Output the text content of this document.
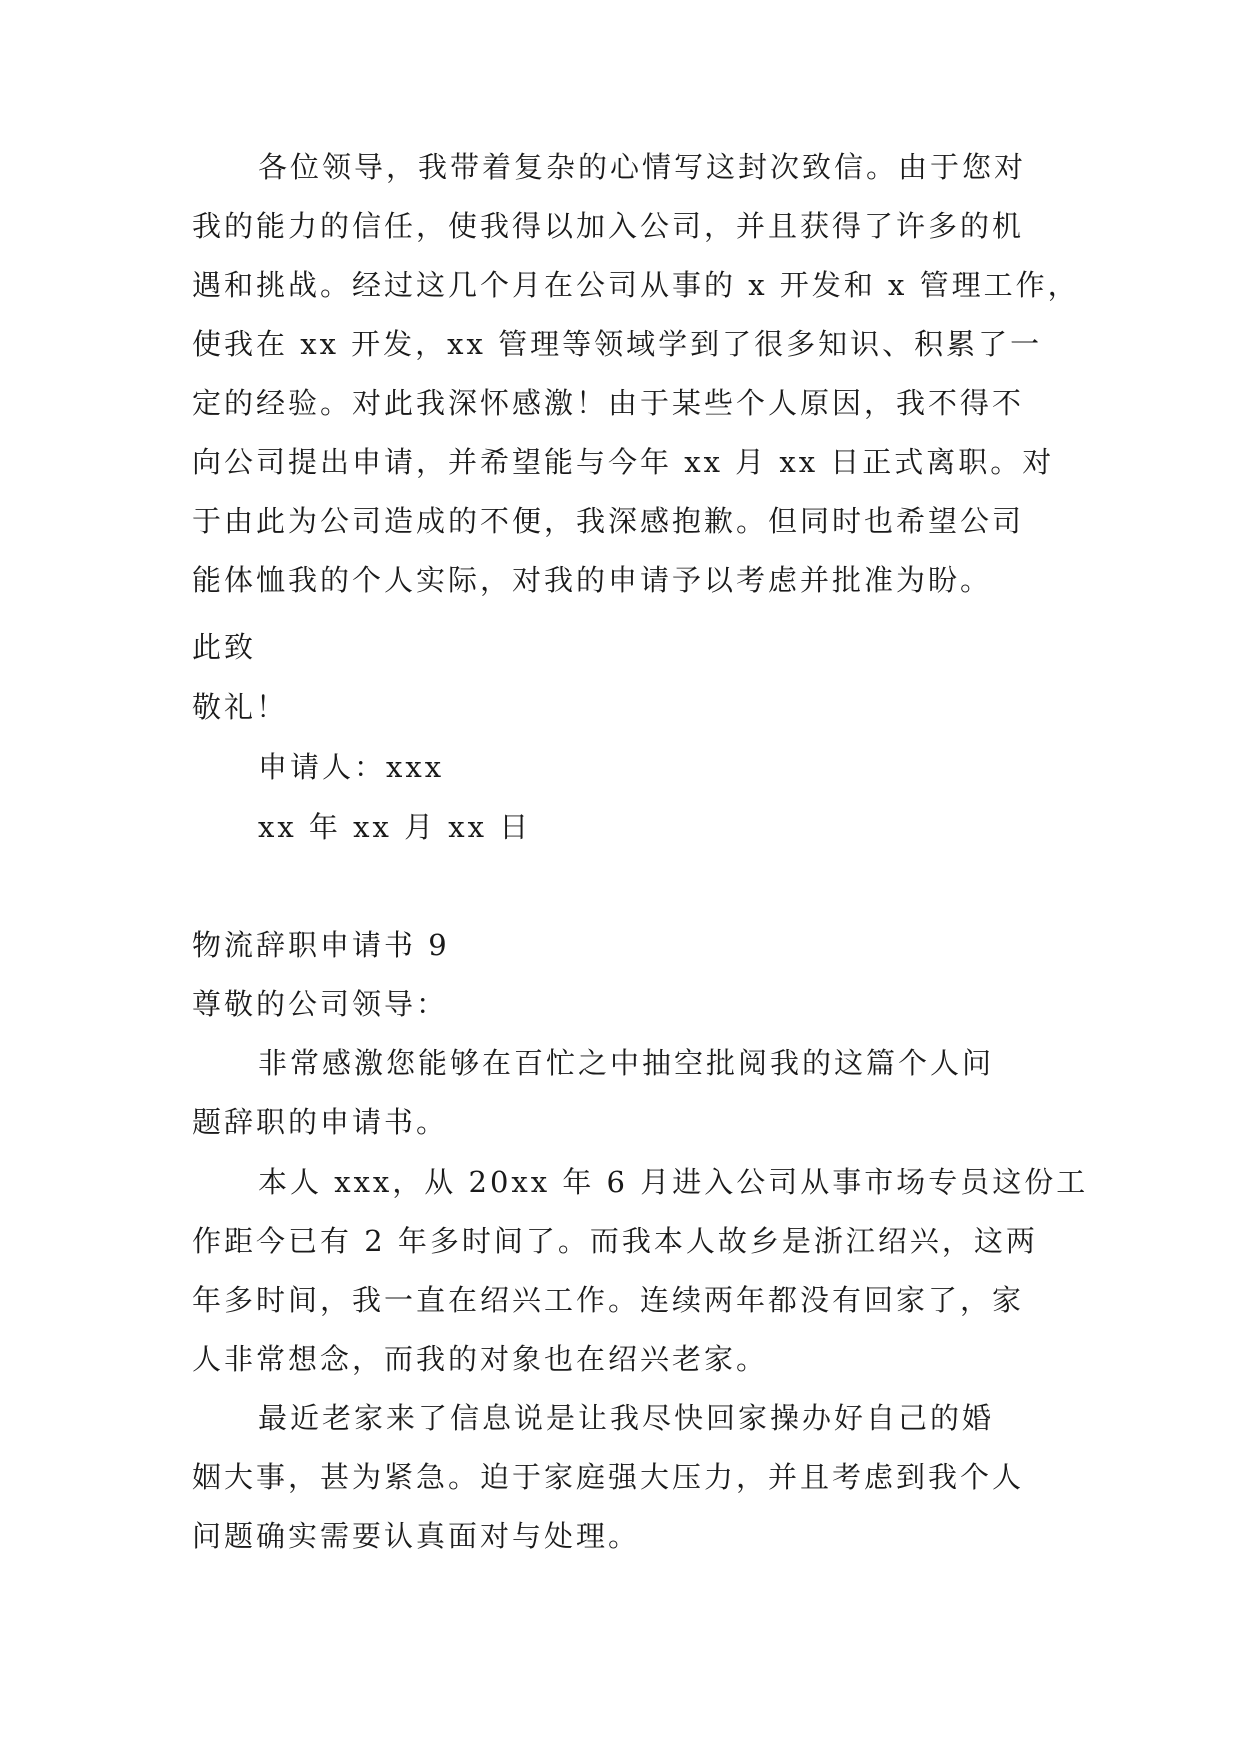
各位领导，我带着复杂的心情写这封次致信。由于您对
我的能力的信任，使我得以加入公司，并且获得了许多的机
遇和挑战。经过这几个月在公司从事的 x 开发和 x 管理工作，
使我在 xx 开发，xx 管理等领域学到了很多知识、积累了一
定的经验。对此我深怀感激！由于某些个人原因，我不得不
向公司提出申请，并希望能与今年 xx 月 xx 日正式离职。对
于由此为公司造成的不便，我深感抱歉。但同时也希望公司
能体恤我的个人实际，对我的申请予以考虑并批准为盼。
此致
敬礼！
申请人：xxx
xx 年 xx 月 xx 日
物流辞职申请书 9
尊敬的公司领导：
非常感激您能够在百忙之中抽空批阅我的这篇个人问
题辞职的申请书。
本人 xxx，从 20xx 年 6 月进入公司从事市场专员这份工
作距今已有 2 年多时间了。而我本人故乡是浙江绍兴，这两
年多时间，我一直在绍兴工作。连续两年都没有回家了，家
人非常想念，而我的对象也在绍兴老家。
最近老家来了信息说是让我尽快回家操办好自己的婚
姻大事，甚为紧急。迫于家庭强大压力，并且考虑到我个人
问题确实需要认真面对与处理。
